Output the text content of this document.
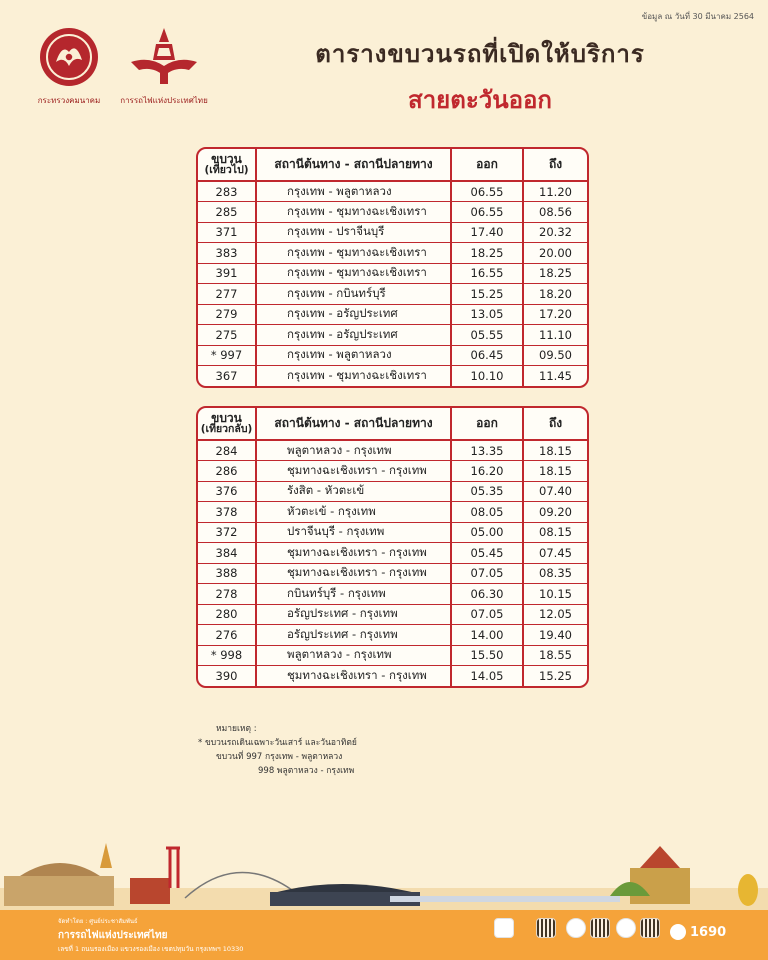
ข้อมูล ณ วันที่ 30 มีนาคม 2564
กระทรวงคมนาคม	การรถไฟแห่งประเทศไทย
ตารางขบวนรถที่เปิดให้บริการ
สายตะวันออก
ขบวน
(เที่ยวไป)	สถานีต้นทาง - สถานีปลายทาง	ออก	ถึง
283	กรุงเทพ - พลูตาหลวง	06.55	11.20
285	กรุงเทพ - ชุมทางฉะเชิงเทรา	06.55	08.56
371	กรุงเทพ - ปราจีนบุรี	17.40	20.32
383	กรุงเทพ - ชุมทางฉะเชิงเทรา	18.25	20.00
391	กรุงเทพ - ชุมทางฉะเชิงเทรา	16.55	18.25
277	กรุงเทพ - กบินทร์บุรี	15.25	18.20
279	กรุงเทพ - อรัญประเทศ	13.05	17.20
275	กรุงเทพ - อรัญประเทศ	05.55	11.10
* 997	กรุงเทพ - พลูตาหลวง	06.45	09.50
367	กรุงเทพ - ชุมทางฉะเชิงเทรา	10.10	11.45
ขบวน
(เที่ยวกลับ)	สถานีต้นทาง - สถานีปลายทาง	ออก	ถึง
284	พลูตาหลวง - กรุงเทพ	13.35	18.15
286	ชุมทางฉะเชิงเทรา - กรุงเทพ	16.20	18.15
376	รังสิต - หัวตะเข้	05.35	07.40
378	หัวตะเข้ - กรุงเทพ	08.05	09.20
372	ปราจีนบุรี - กรุงเทพ	05.00	08.15
384	ชุมทางฉะเชิงเทรา - กรุงเทพ	05.45	07.45
388	ชุมทางฉะเชิงเทรา - กรุงเทพ	07.05	08.35
278	กบินทร์บุรี - กรุงเทพ	06.30	10.15
280	อรัญประเทศ - กรุงเทพ	07.05	12.05
276	อรัญประเทศ - กรุงเทพ	14.00	19.40
* 998	พลูตาหลวง - กรุงเทพ	15.50	18.55
390	ชุมทางฉะเชิงเทรา - กรุงเทพ	14.05	15.25
หมายเหตุ :
* ขบวนรถเดินเฉพาะวันเสาร์ และวันอาทิตย์
ขบวนที่ 997 กรุงเทพ - พลูตาหลวง
998 พลูตาหลวง - กรุงเทพ
จัดทำโดย : ศูนย์ประชาสัมพันธ์
การรถไฟแห่งประเทศไทย
เลขที่ 1 ถนนรองเมือง แขวงรองเมือง เขตปทุมวัน กรุงเทพฯ 10330
1690
